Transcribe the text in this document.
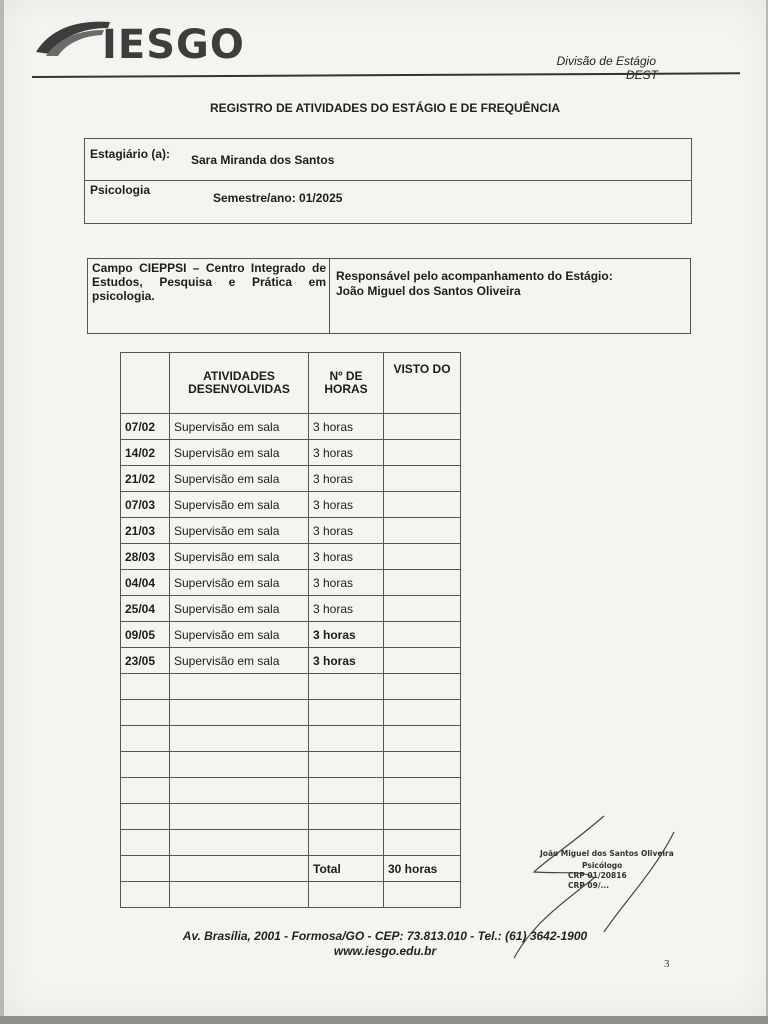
IESGO	Divisão de Estágio

DEST
REGISTRO DE ATIVIDADES DO ESTÁGIO E DE FREQUÊNCIA
Estagiário (a): Sara Miranda dos Santos
Psicologia
Semestre/ano: 01/2025
Campo CIEPPSI – Centro Integrado de Estudos, Pesquisa e Prática em psicologia.
Responsável pelo acompanhamento do Estágio:
João Miguel dos Santos Oliveira
	ATIVIDADES DESENVOLVIDAS	Nº DE HORAS	VISTO DO
07/02	Supervisão em sala	3 horas	
14/02	Supervisão em sala	3 horas	
21/02	Supervisão em sala	3 horas	
07/03	Supervisão em sala	3 horas	
21/03	Supervisão em sala	3 horas	
28/03	Supervisão em sala	3 horas	
04/04	Supervisão em sala	3 horas	
25/04	Supervisão em sala	3 horas	
09/05	Supervisão em sala	3 horas	
23/05	Supervisão em sala	3 horas	

		Total	30 horas

João Miguel dos Santos Oliveira
Psicólogo
CRP 01/20816
CRP 09/...
Av. Brasília, 2001 - Formosa/GO - CEP: 73.813.010 - Tel.: (61) 3642-1900
www.iesgo.edu.br
3
